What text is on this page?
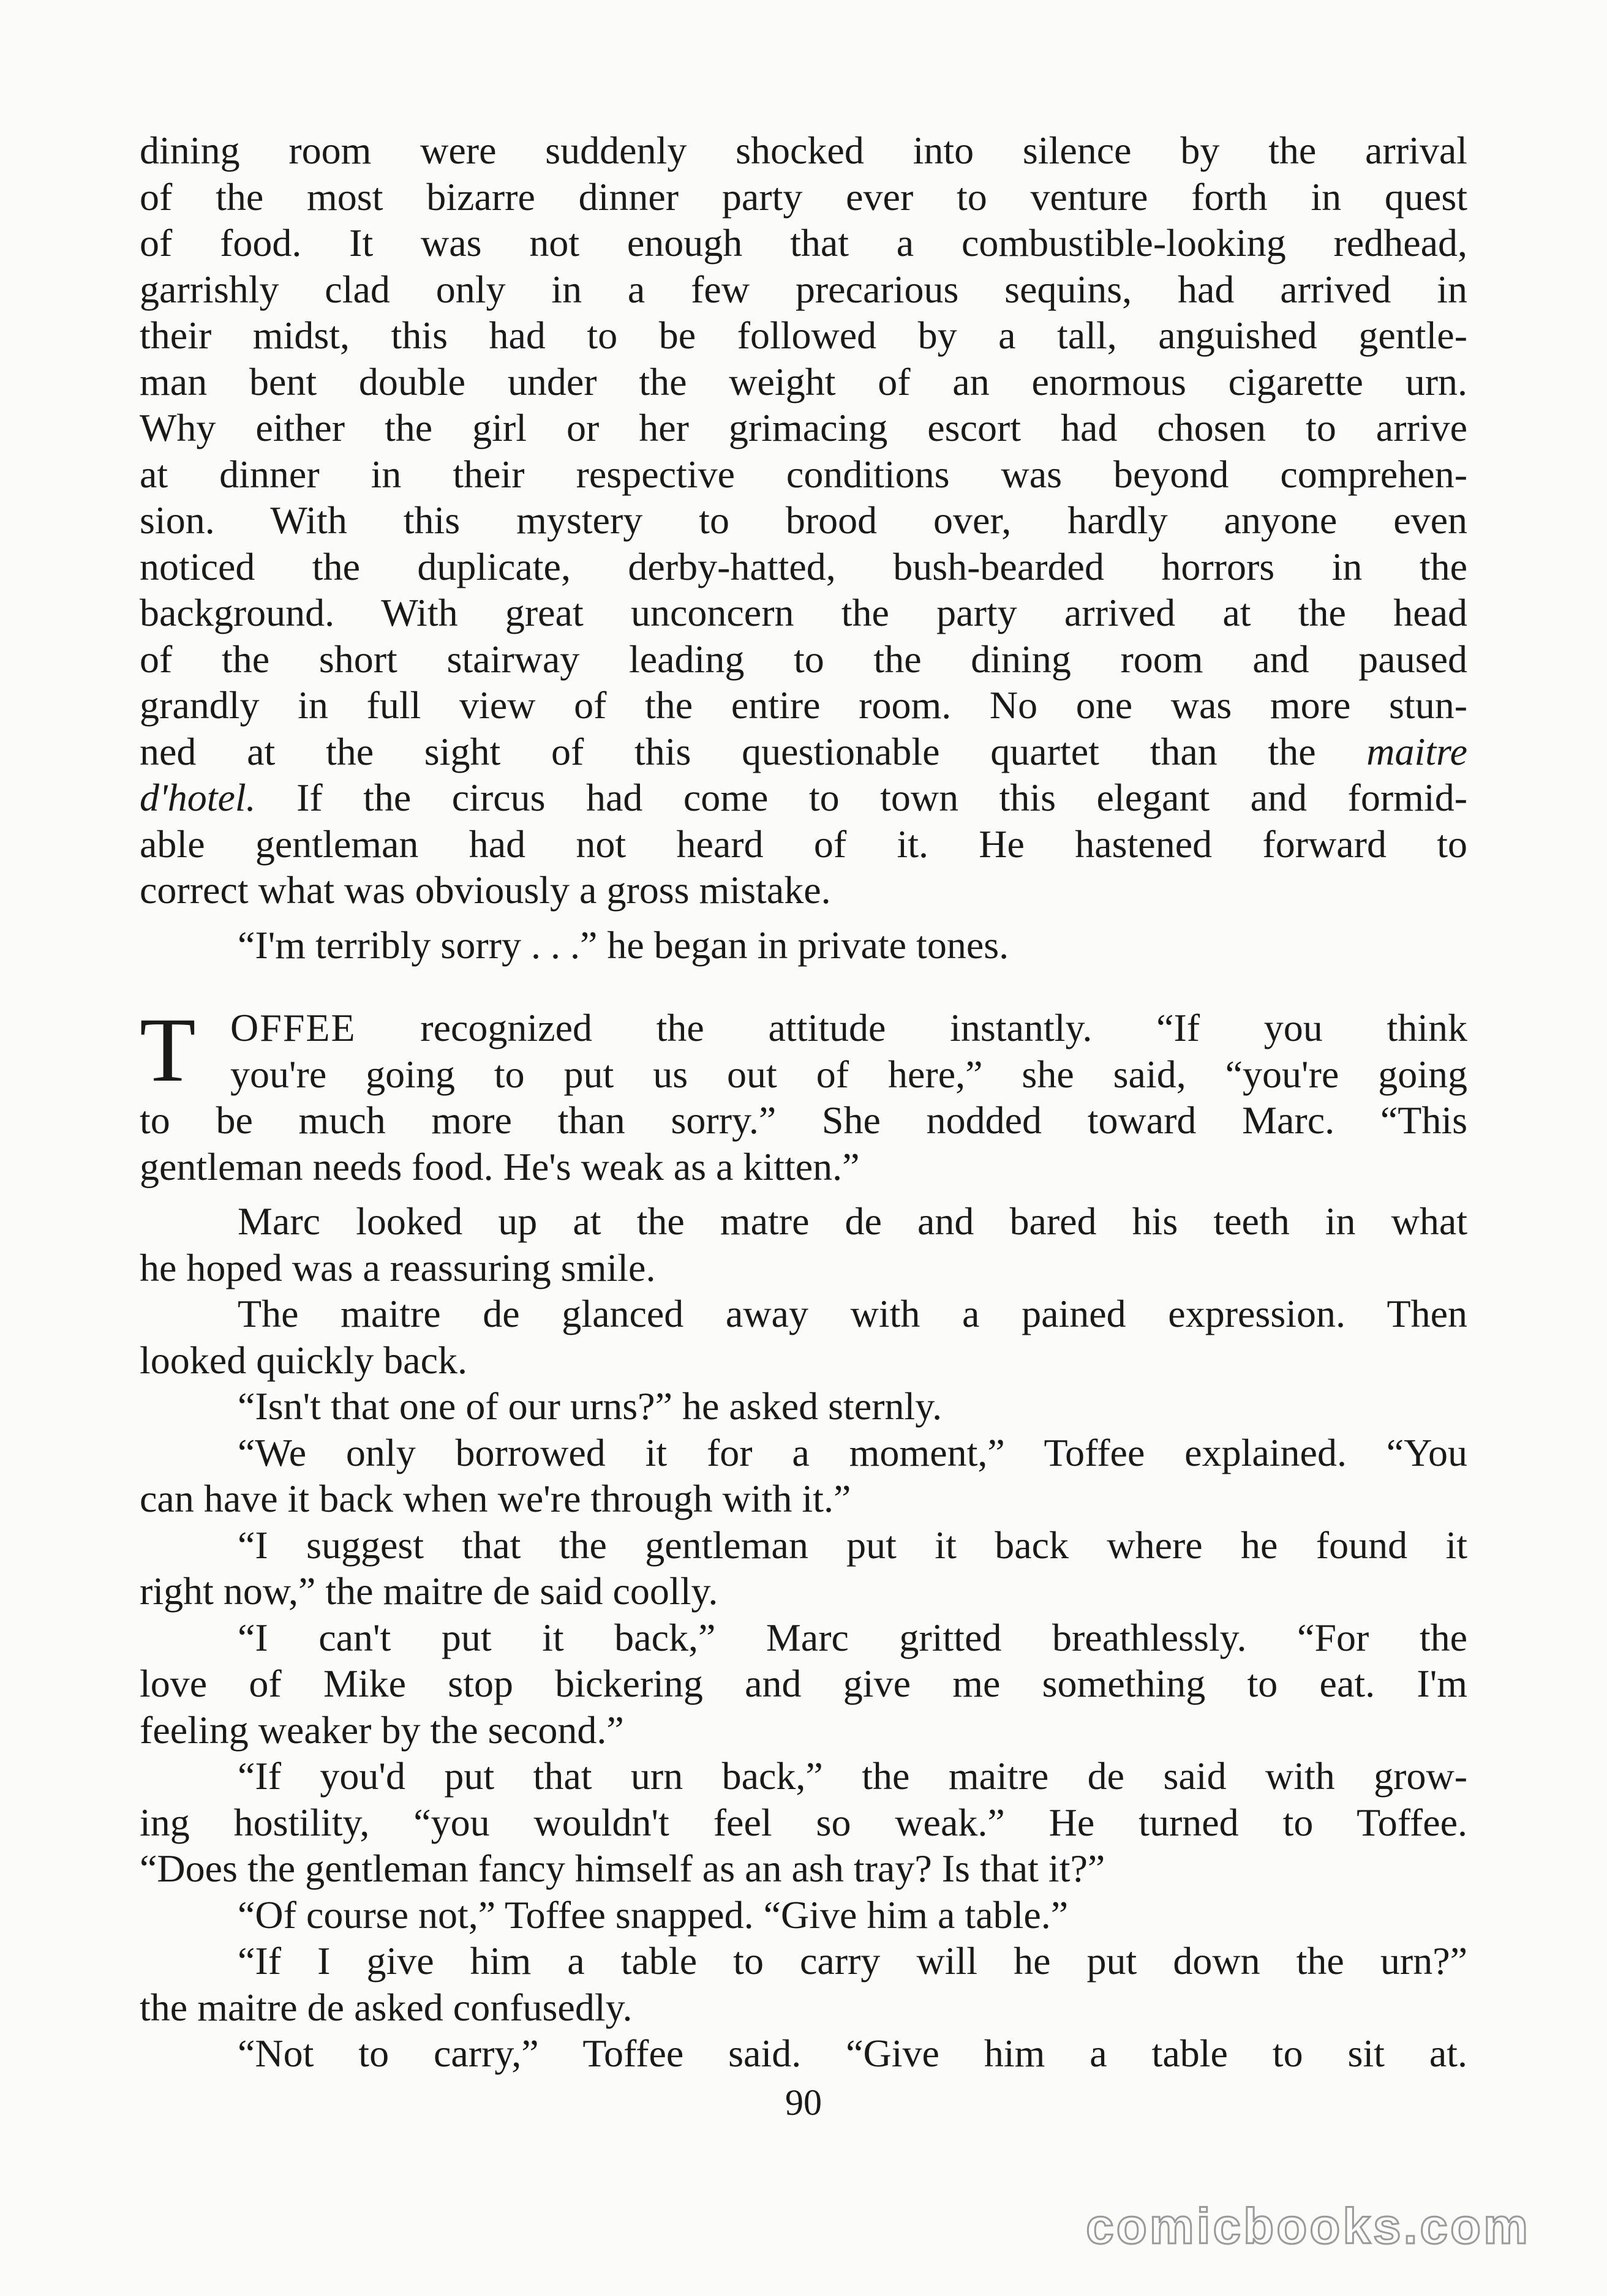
dining room were suddenly shocked into silence by the arrival
of the most bizarre dinner party ever to venture forth in quest
of food. It was not enough that a combustible-looking redhead,
garrishly clad only in a few precarious sequins, had arrived in
their midst, this had to be followed by a tall, anguished gentle-
man bent double under the weight of an enormous cigarette urn.
Why either the girl or her grimacing escort had chosen to arrive
at dinner in their respective conditions was beyond comprehen-
sion. With this mystery to brood over, hardly anyone even
noticed the duplicate, derby-hatted, bush-bearded horrors in the
background. With great unconcern the party arrived at the head
of the short stairway leading to the dining room and paused
grandly in full view of the entire room. No one was more stun-
ned at the sight of this questionable quartet than the maitre
d'hotel. If the circus had come to town this elegant and formid-
able gentleman had not heard of it. He hastened forward to
correct what was obviously a gross mistake.
“I'm terribly sorry . . .” he began in private tones.
T OFFEE recognized the attitude instantly. “If you think
you're going to put us out of here,” she said, “you're going
to be much more than sorry.” She nodded toward Marc. “This
gentleman needs food. He's weak as a kitten.”
Marc looked up at the matre de and bared his teeth in what
he hoped was a reassuring smile.
The maitre de glanced away with a pained expression. Then
looked quickly back.
“Isn't that one of our urns?” he asked sternly.
“We only borrowed it for a moment,” Toffee explained. “You
can have it back when we're through with it.”
“I suggest that the gentleman put it back where he found it
right now,” the maitre de said coolly.
“I can't put it back,” Marc gritted breathlessly. “For the
love of Mike stop bickering and give me something to eat. I'm
feeling weaker by the second.”
“If you'd put that urn back,” the maitre de said with grow-
ing hostility, “you wouldn't feel so weak.” He turned to Toffee.
“Does the gentleman fancy himself as an ash tray? Is that it?”
“Of course not,” Toffee snapped. “Give him a table.”
“If I give him a table to carry will he put down the urn?”
the maitre de asked confusedly.
“Not to carry,” Toffee said. “Give him a table to sit at.
90
comicbooks.com
